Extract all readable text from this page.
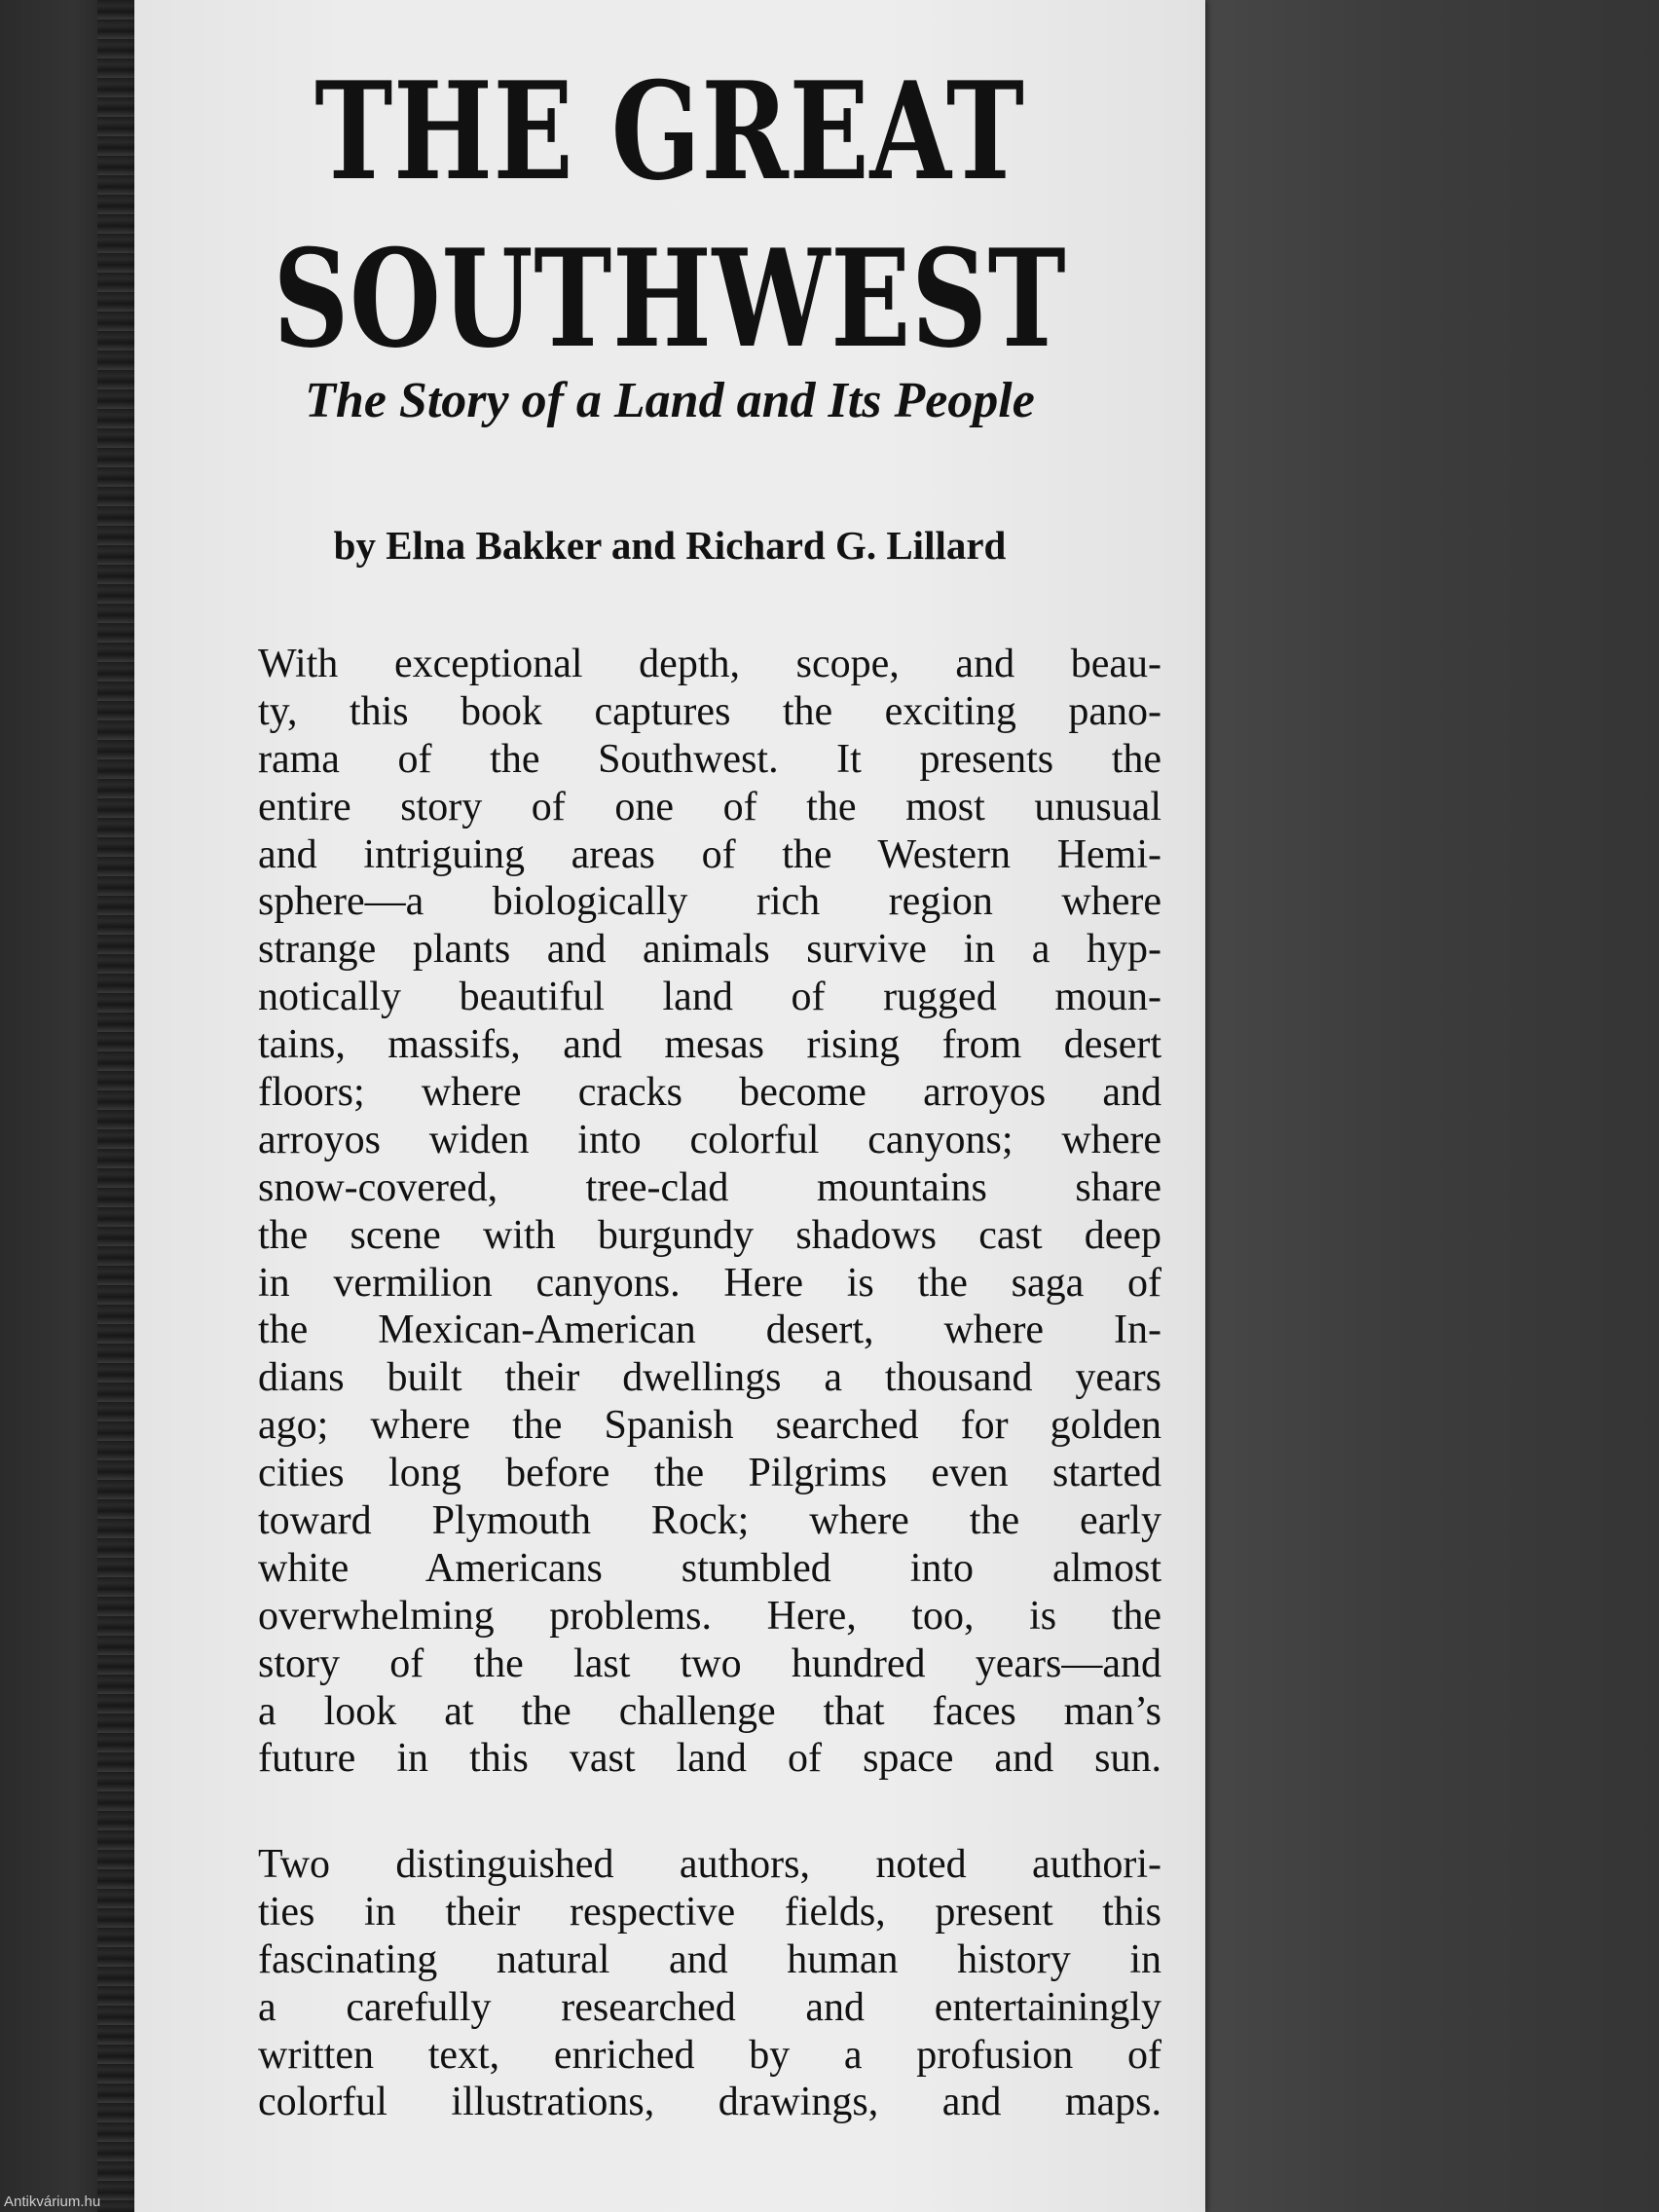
THE GREAT
SOUTHWEST
The Story of a Land and Its People
by Elna Bakker and Richard G. Lillard
With exceptional depth, scope, and beau-
ty, this book captures the exciting pano-
rama of the Southwest. It presents the
entire story of one of the most unusual
and intriguing areas of the Western Hemi-
sphere—a biologically rich region where
strange plants and animals survive in a hyp-
notically beautiful land of rugged moun-
tains, massifs, and mesas rising from desert
floors; where cracks become arroyos and
arroyos widen into colorful canyons; where
snow-covered, tree-clad mountains share
the scene with burgundy shadows cast deep
in vermilion canyons. Here is the saga of
the Mexican-American desert, where In-
dians built their dwellings a thousand years
ago; where the Spanish searched for golden
cities long before the Pilgrims even started
toward Plymouth Rock; where the early
white Americans stumbled into almost
overwhelming problems. Here, too, is the
story of the last two hundred years—and
a look at the challenge that faces man’s
future in this vast land of space and sun.
Two distinguished authors, noted authori-
ties in their respective fields, present this
fascinating natural and human history in
a carefully researched and entertainingly
written text, enriched by a profusion of
colorful illustrations, drawings, and maps.
Antikvárium.hu
